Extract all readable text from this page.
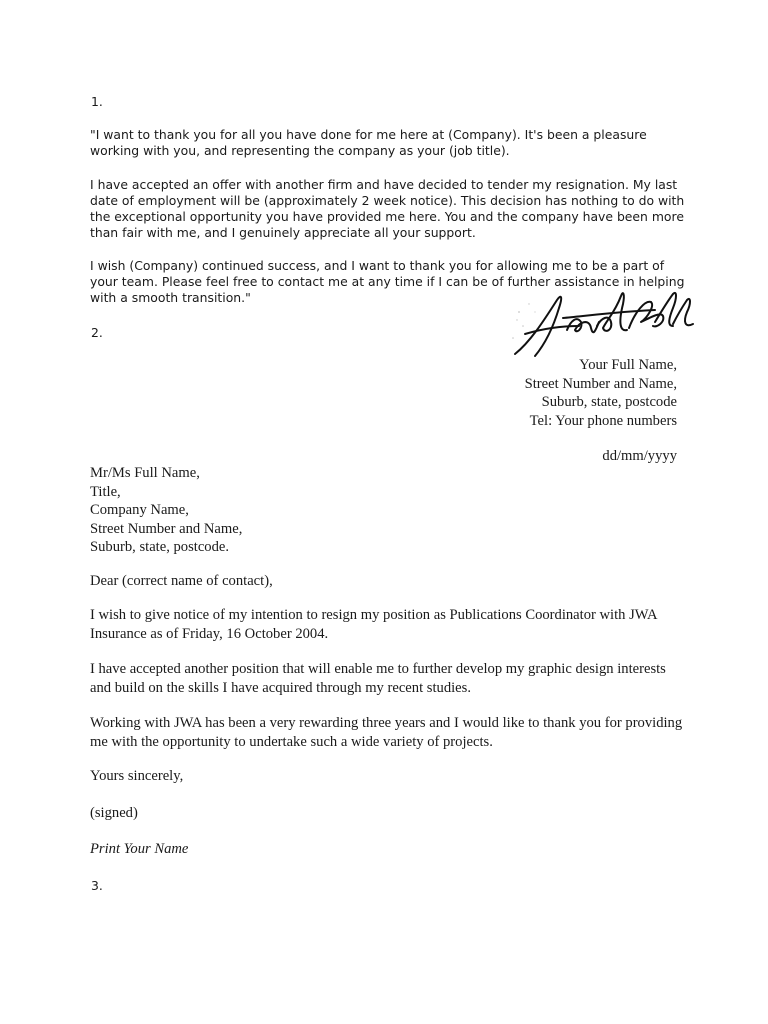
1.

"I want to thank you for all you have done for me here at (Company). It's been a pleasure working with you, and representing the company as your (job title).

I have accepted an offer with another firm and have decided to tender my resignation. My last date of employment will be (approximately 2 week notice). This decision has nothing to do with the exceptional opportunity you have provided me here. You and the company have been more than fair with me, and I genuinely appreciate all your support.

I wish (Company) continued success, and I want to thank you for allowing me to be a part of your team. Please feel free to contact me at any time if I can be of further assistance in helping with a smooth transition."

2.

Your Full Name,

Street Number and Name,

Suburb, state, postcode

Tel: Your phone numbers

dd/mm/yyyy

Mr/Ms Full Name,

Title,

Company Name,

Street Number and Name,

Suburb, state, postcode.

Dear (correct name of contact),

I wish to give notice of my intention to resign my position as Publications Coordinator with JWA Insurance as of Friday, 16 October 2004.

I have accepted another position that will enable me to further develop my graphic design interests and build on the skills I have acquired through my recent studies.

Working with JWA has been a very rewarding three years and I would like to thank you for providing me with the opportunity to undertake such a wide variety of projects.

Yours sincerely,

(signed)

Print Your Name

3.
